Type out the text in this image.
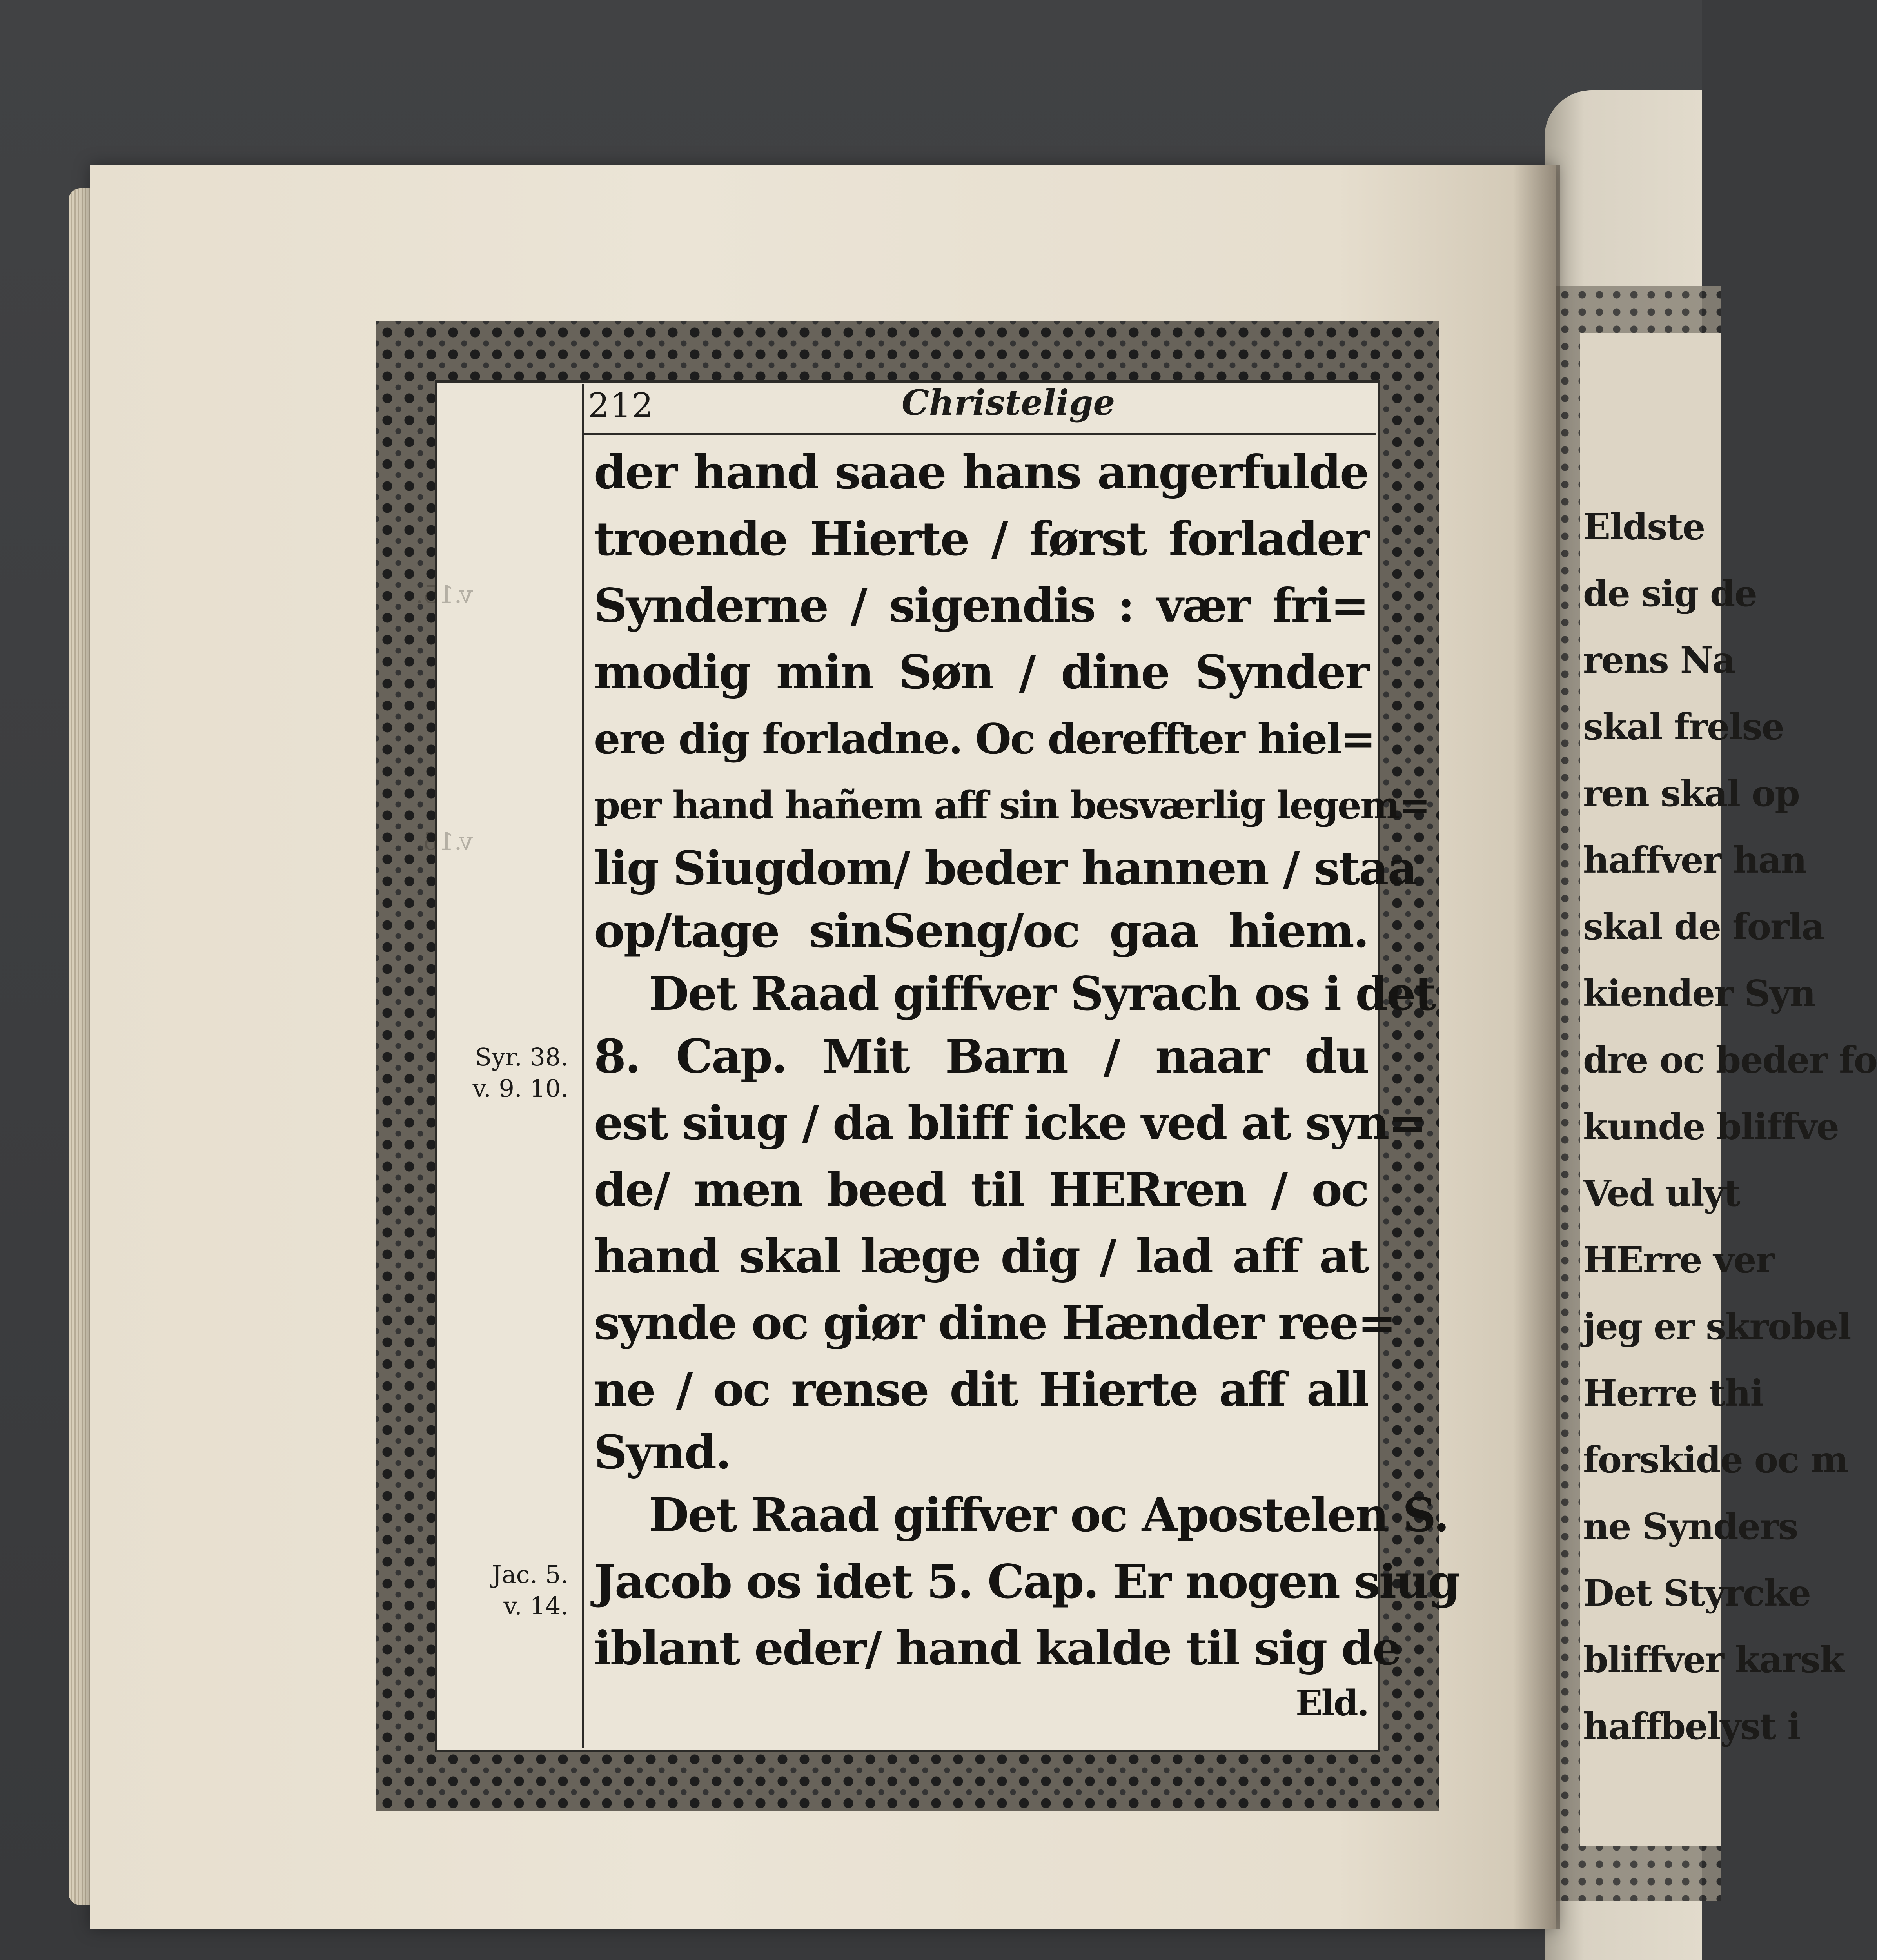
Eldste
de sig de
rens Na
skal frelse
ren skal op
haffver han
skal de forla
kiender Syn
dre oc beder fo
kunde bliffve
Ved ulyt
HErre ver
jeg er skrobel
Herre thi
forskide oc m
ne Synders
Det Styrcke
bliffver karsk
haffbelyst i
212	Christelige
der hand saae hans angerfulde
troende Hierte / først forlader
Synderne / sigendis : vær fri=
modig min Søn / dine Synder
ere dig forladne. Oc dereffter hiel=
per hand hañem aff sin besværlig legem=
lig Siugdom/ beder hannen / staa
op/tage sinSeng/oc gaa hiem.
Det Raad giffver Syrach os i det
8. Cap. Mit Barn / naar du
est siug / da bliff icke ved at syn=
de/ men beed til HERren / oc
hand skal læge dig / lad aff at
synde oc giør dine Hænder ree=
ne / oc rense dit Hierte aff all
Synd.
Det Raad giffver oc Apostelen S.
Jacob os idet 5. Cap. Er nogen siug
iblant eder/ hand kalde til sig de
Eld.
Syr. 38.
v. 9. 10.
Jac. 5.
v. 14.
v.15.
v.16.
